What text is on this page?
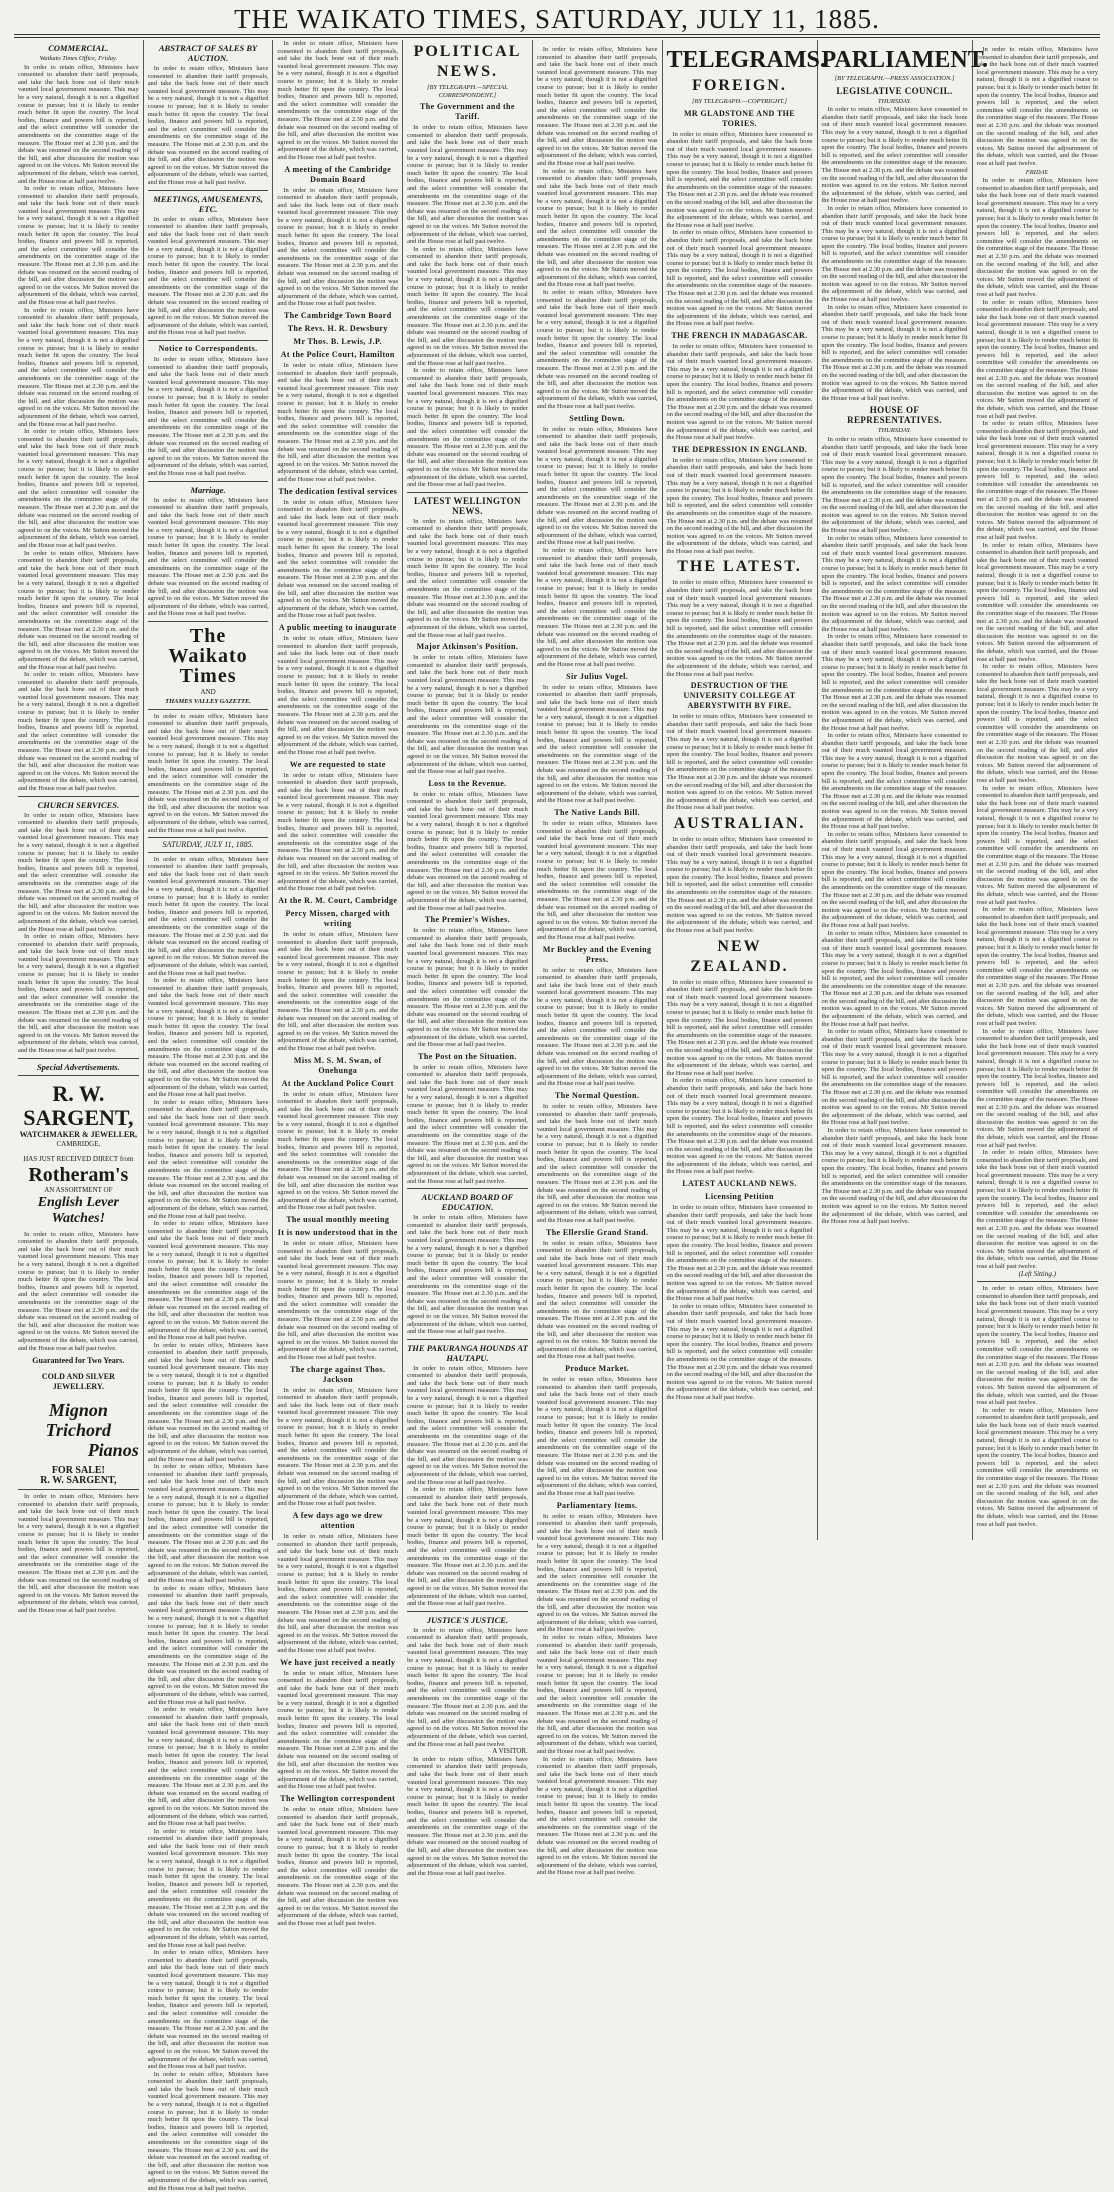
THE WAIKATO TIMES, SATURDAY, JULY 11, 1885.
COMMERCIAL.
Waikato Times Office, Friday.

In order to retain office, Ministers have consented to abandon their tariff proposals, and take the back bone out of their much vaunted local government measure. This may be a very natural, though it is not a dignified course to pursue; but it is likely to render much better fit upon the country. The local bodies, finance and powers bill is reported, and the select committee will consider the amendments on the committee stage of the measure. The House met at 2.30 p.m. and the debate was resumed on the second reading of the bill, and after discussion the motion was agreed to on the voices. Mr Sutton moved the adjournment of the debate, which was carried, and the House rose at half past twelve.

In order to retain office, Ministers have consented to abandon their tariff proposals, and take the back bone out of their much vaunted local government measure. This may be a very natural, though it is not a dignified course to pursue; but it is likely to render much better fit upon the country. The local bodies, finance and powers bill is reported, and the select committee will consider the amendments on the committee stage of the measure. The House met at 2.30 p.m. and the debate was resumed on the second reading of the bill, and after discussion the motion was agreed to on the voices. Mr Sutton moved the adjournment of the debate, which was carried, and the House rose at half past twelve.

In order to retain office, Ministers have consented to abandon their tariff proposals, and take the back bone out of their much vaunted local government measure. This may be a very natural, though it is not a dignified course to pursue; but it is likely to render much better fit upon the country. The local bodies, finance and powers bill is reported, and the select committee will consider the amendments on the committee stage of the measure. The House met at 2.30 p.m. and the debate was resumed on the second reading of the bill, and after discussion the motion was agreed to on the voices. Mr Sutton moved the adjournment of the debate, which was carried, and the House rose at half past twelve.

In order to retain office, Ministers have consented to abandon their tariff proposals, and take the back bone out of their much vaunted local government measure. This may be a very natural, though it is not a dignified course to pursue; but it is likely to render much better fit upon the country. The local bodies, finance and powers bill is reported, and the select committee will consider the amendments on the committee stage of the measure. The House met at 2.30 p.m. and the debate was resumed on the second reading of the bill, and after discussion the motion was agreed to on the voices. Mr Sutton moved the adjournment of the debate, which was carried, and the House rose at half past twelve.

In order to retain office, Ministers have consented to abandon their tariff proposals, and take the back bone out of their much vaunted local government measure. This may be a very natural, though it is not a dignified course to pursue; but it is likely to render much better fit upon the country. The local bodies, finance and powers bill is reported, and the select committee will consider the amendments on the committee stage of the measure. The House met at 2.30 p.m. and the debate was resumed on the second reading of the bill, and after discussion the motion was agreed to on the voices. Mr Sutton moved the adjournment of the debate, which was carried, and the House rose at half past twelve.

In order to retain office, Ministers have consented to abandon their tariff proposals, and take the back bone out of their much vaunted local government measure. This may be a very natural, though it is not a dignified course to pursue; but it is likely to render much better fit upon the country. The local bodies, finance and powers bill is reported, and the select committee will consider the amendments on the committee stage of the measure. The House met at 2.30 p.m. and the debate was resumed on the second reading of the bill, and after discussion the motion was agreed to on the voices. Mr Sutton moved the adjournment of the debate, which was carried, and the House rose at half past twelve.

CHURCH SERVICES.

In order to retain office, Ministers have consented to abandon their tariff proposals, and take the back bone out of their much vaunted local government measure. This may be a very natural, though it is not a dignified course to pursue; but it is likely to render much better fit upon the country. The local bodies, finance and powers bill is reported, and the select committee will consider the amendments on the committee stage of the measure. The House met at 2.30 p.m. and the debate was resumed on the second reading of the bill, and after discussion the motion was agreed to on the voices. Mr Sutton moved the adjournment of the debate, which was carried, and the House rose at half past twelve.

In order to retain office, Ministers have consented to abandon their tariff proposals, and take the back bone out of their much vaunted local government measure. This may be a very natural, though it is not a dignified course to pursue; but it is likely to render much better fit upon the country. The local bodies, finance and powers bill is reported, and the select committee will consider the amendments on the committee stage of the measure. The House met at 2.30 p.m. and the debate was resumed on the second reading of the bill, and after discussion the motion was agreed to on the voices. Mr Sutton moved the adjournment of the debate, which was carried, and the House rose at half past twelve.

Special Advertisements.
R. W. SARGENT,
WATCHMAKER & JEWELLER,
CAMBRIDGE,
HAS JUST RECEIVED DIRECT from
Rotheram's
AN ASSORTMENT OF
English Lever
Watches!

In order to retain office, Ministers have consented to abandon their tariff proposals, and take the back bone out of their much vaunted local government measure. This may be a very natural, though it is not a dignified course to pursue; but it is likely to render much better fit upon the country. The local bodies, finance and powers bill is reported, and the select committee will consider the amendments on the committee stage of the measure. The House met at 2.30 p.m. and the debate was resumed on the second reading of the bill, and after discussion the motion was agreed to on the voices. Mr Sutton moved the adjournment of the debate, which was carried, and the House rose at half past twelve.

Guaranteed for Two Years.
COLD AND SILVER JEWELLERY.
Mignon
Trichord
Pianos
FOR SALE!
R. W. SARGENT,

In order to retain office, Ministers have consented to abandon their tariff proposals, and take the back bone out of their much vaunted local government measure. This may be a very natural, though it is not a dignified course to pursue; but it is likely to render much better fit upon the country. The local bodies, finance and powers bill is reported, and the select committee will consider the amendments on the committee stage of the measure. The House met at 2.30 p.m. and the debate was resumed on the second reading of the bill, and after discussion the motion was agreed to on the voices. Mr Sutton moved the adjournment of the debate, which was carried, and the House rose at half past twelve.

ABSTRACT OF SALES BY AUCTION.

In order to retain office, Ministers have consented to abandon their tariff proposals, and take the back bone out of their much vaunted local government measure. This may be a very natural, though it is not a dignified course to pursue; but it is likely to render much better fit upon the country. The local bodies, finance and powers bill is reported, and the select committee will consider the amendments on the committee stage of the measure. The House met at 2.30 p.m. and the debate was resumed on the second reading of the bill, and after discussion the motion was agreed to on the voices. Mr Sutton moved the adjournment of the debate, which was carried, and the House rose at half past twelve.

MEETINGS, AMUSEMENTS, ETC.

In order to retain office, Ministers have consented to abandon their tariff proposals, and take the back bone out of their much vaunted local government measure. This may be a very natural, though it is not a dignified course to pursue; but it is likely to render much better fit upon the country. The local bodies, finance and powers bill is reported, and the select committee will consider the amendments on the committee stage of the measure. The House met at 2.30 p.m. and the debate was resumed on the second reading of the bill, and after discussion the motion was agreed to on the voices. Mr Sutton moved the adjournment of the debate, which was carried, and the House rose at half past twelve.

Notice to Correspondents.

In order to retain office, Ministers have consented to abandon their tariff proposals, and take the back bone out of their much vaunted local government measure. This may be a very natural, though it is not a dignified course to pursue; but it is likely to render much better fit upon the country. The local bodies, finance and powers bill is reported, and the select committee will consider the amendments on the committee stage of the measure. The House met at 2.30 p.m. and the debate was resumed on the second reading of the bill, and after discussion the motion was agreed to on the voices. Mr Sutton moved the adjournment of the debate, which was carried, and the House rose at half past twelve.

Marriage.

In order to retain office, Ministers have consented to abandon their tariff proposals, and take the back bone out of their much vaunted local government measure. This may be a very natural, though it is not a dignified course to pursue; but it is likely to render much better fit upon the country. The local bodies, finance and powers bill is reported, and the select committee will consider the amendments on the committee stage of the measure. The House met at 2.30 p.m. and the debate was resumed on the second reading of the bill, and after discussion the motion was agreed to on the voices. Mr Sutton moved the adjournment of the debate, which was carried, and the House rose at half past twelve.

The Waikato Times
AND
THAMES VALLEY GAZETTE.

In order to retain office, Ministers have consented to abandon their tariff proposals, and take the back bone out of their much vaunted local government measure. This may be a very natural, though it is not a dignified course to pursue; but it is likely to render much better fit upon the country. The local bodies, finance and powers bill is reported, and the select committee will consider the amendments on the committee stage of the measure. The House met at 2.30 p.m. and the debate was resumed on the second reading of the bill, and after discussion the motion was agreed to on the voices. Mr Sutton moved the adjournment of the debate, which was carried, and the House rose at half past twelve.

SATURDAY, JULY 11, 1885.

In order to retain office, Ministers have consented to abandon their tariff proposals, and take the back bone out of their much vaunted local government measure. This may be a very natural, though it is not a dignified course to pursue; but it is likely to render much better fit upon the country. The local bodies, finance and powers bill is reported, and the select committee will consider the amendments on the committee stage of the measure. The House met at 2.30 p.m. and the debate was resumed on the second reading of the bill, and after discussion the motion was agreed to on the voices. Mr Sutton moved the adjournment of the debate, which was carried, and the House rose at half past twelve.

In order to retain office, Ministers have consented to abandon their tariff proposals, and take the back bone out of their much vaunted local government measure. This may be a very natural, though it is not a dignified course to pursue; but it is likely to render much better fit upon the country. The local bodies, finance and powers bill is reported, and the select committee will consider the amendments on the committee stage of the measure. The House met at 2.30 p.m. and the debate was resumed on the second reading of the bill, and after discussion the motion was agreed to on the voices. Mr Sutton moved the adjournment of the debate, which was carried, and the House rose at half past twelve.

In order to retain office, Ministers have consented to abandon their tariff proposals, and take the back bone out of their much vaunted local government measure. This may be a very natural, though it is not a dignified course to pursue; but it is likely to render much better fit upon the country. The local bodies, finance and powers bill is reported, and the select committee will consider the amendments on the committee stage of the measure. The House met at 2.30 p.m. and the debate was resumed on the second reading of the bill, and after discussion the motion was agreed to on the voices. Mr Sutton moved the adjournment of the debate, which was carried, and the House rose at half past twelve.

In order to retain office, Ministers have consented to abandon their tariff proposals, and take the back bone out of their much vaunted local government measure. This may be a very natural, though it is not a dignified course to pursue; but it is likely to render much better fit upon the country. The local bodies, finance and powers bill is reported, and the select committee will consider the amendments on the committee stage of the measure. The House met at 2.30 p.m. and the debate was resumed on the second reading of the bill, and after discussion the motion was agreed to on the voices. Mr Sutton moved the adjournment of the debate, which was carried, and the House rose at half past twelve.

In order to retain office, Ministers have consented to abandon their tariff proposals, and take the back bone out of their much vaunted local government measure. This may be a very natural, though it is not a dignified course to pursue; but it is likely to render much better fit upon the country. The local bodies, finance and powers bill is reported, and the select committee will consider the amendments on the committee stage of the measure. The House met at 2.30 p.m. and the debate was resumed on the second reading of the bill, and after discussion the motion was agreed to on the voices. Mr Sutton moved the adjournment of the debate, which was carried, and the House rose at half past twelve.

In order to retain office, Ministers have consented to abandon their tariff proposals, and take the back bone out of their much vaunted local government measure. This may be a very natural, though it is not a dignified course to pursue; but it is likely to render much better fit upon the country. The local bodies, finance and powers bill is reported, and the select committee will consider the amendments on the committee stage of the measure. The House met at 2.30 p.m. and the debate was resumed on the second reading of the bill, and after discussion the motion was agreed to on the voices. Mr Sutton moved the adjournment of the debate, which was carried, and the House rose at half past twelve.

In order to retain office, Ministers have consented to abandon their tariff proposals, and take the back bone out of their much vaunted local government measure. This may be a very natural, though it is not a dignified course to pursue; but it is likely to render much better fit upon the country. The local bodies, finance and powers bill is reported, and the select committee will consider the amendments on the committee stage of the measure. The House met at 2.30 p.m. and the debate was resumed on the second reading of the bill, and after discussion the motion was agreed to on the voices. Mr Sutton moved the adjournment of the debate, which was carried, and the House rose at half past twelve.

In order to retain office, Ministers have consented to abandon their tariff proposals, and take the back bone out of their much vaunted local government measure. This may be a very natural, though it is not a dignified course to pursue; but it is likely to render much better fit upon the country. The local bodies, finance and powers bill is reported, and the select committee will consider the amendments on the committee stage of the measure. The House met at 2.30 p.m. and the debate was resumed on the second reading of the bill, and after discussion the motion was agreed to on the voices. Mr Sutton moved the adjournment of the debate, which was carried, and the House rose at half past twelve.

In order to retain office, Ministers have consented to abandon their tariff proposals, and take the back bone out of their much vaunted local government measure. This may be a very natural, though it is not a dignified course to pursue; but it is likely to render much better fit upon the country. The local bodies, finance and powers bill is reported, and the select committee will consider the amendments on the committee stage of the measure. The House met at 2.30 p.m. and the debate was resumed on the second reading of the bill, and after discussion the motion was agreed to on the voices. Mr Sutton moved the adjournment of the debate, which was carried, and the House rose at half past twelve.

In order to retain office, Ministers have consented to abandon their tariff proposals, and take the back bone out of their much vaunted local government measure. This may be a very natural, though it is not a dignified course to pursue; but it is likely to render much better fit upon the country. The local bodies, finance and powers bill is reported, and the select committee will consider the amendments on the committee stage of the measure. The House met at 2.30 p.m. and the debate was resumed on the second reading of the bill, and after discussion the motion was agreed to on the voices. Mr Sutton moved the adjournment of the debate, which was carried, and the House rose at half past twelve.

In order to retain office, Ministers have consented to abandon their tariff proposals, and take the back bone out of their much vaunted local government measure. This may be a very natural, though it is not a dignified course to pursue; but it is likely to render much better fit upon the country. The local bodies, finance and powers bill is reported, and the select committee will consider the amendments on the committee stage of the measure. The House met at 2.30 p.m. and the debate was resumed on the second reading of the bill, and after discussion the motion was agreed to on the voices. Mr Sutton moved the adjournment of the debate, which was carried, and the House rose at half past twelve.

In order to retain office, Ministers have consented to abandon their tariff proposals, and take the back bone out of their much vaunted local government measure. This may be a very natural, though it is not a dignified course to pursue; but it is likely to render much better fit upon the country. The local bodies, finance and powers bill is reported, and the select committee will consider the amendments on the committee stage of the measure. The House met at 2.30 p.m. and the debate was resumed on the second reading of the bill, and after discussion the motion was agreed to on the voices. Mr Sutton moved the adjournment of the debate, which was carried, and the House rose at half past twelve.

A meeting of the Cambridge Domain Board

In order to retain office, Ministers have consented to abandon their tariff proposals, and take the back bone out of their much vaunted local government measure. This may be a very natural, though it is not a dignified course to pursue; but it is likely to render much better fit upon the country. The local bodies, finance and powers bill is reported, and the select committee will consider the amendments on the committee stage of the measure. The House met at 2.30 p.m. and the debate was resumed on the second reading of the bill, and after discussion the motion was agreed to on the voices. Mr Sutton moved the adjournment of the debate, which was carried, and the House rose at half past twelve.

The Cambridge Town Board
The Revs. H. R. Dewsbury
Mr Thos. B. Lewis, J.P.
At the Police Court, Hamilton

In order to retain office, Ministers have consented to abandon their tariff proposals, and take the back bone out of their much vaunted local government measure. This may be a very natural, though it is not a dignified course to pursue; but it is likely to render much better fit upon the country. The local bodies, finance and powers bill is reported, and the select committee will consider the amendments on the committee stage of the measure. The House met at 2.30 p.m. and the debate was resumed on the second reading of the bill, and after discussion the motion was agreed to on the voices. Mr Sutton moved the adjournment of the debate, which was carried, and the House rose at half past twelve.

The dedication festival services

In order to retain office, Ministers have consented to abandon their tariff proposals, and take the back bone out of their much vaunted local government measure. This may be a very natural, though it is not a dignified course to pursue; but it is likely to render much better fit upon the country. The local bodies, finance and powers bill is reported, and the select committee will consider the amendments on the committee stage of the measure. The House met at 2.30 p.m. and the debate was resumed on the second reading of the bill, and after discussion the motion was agreed to on the voices. Mr Sutton moved the adjournment of the debate, which was carried, and the House rose at half past twelve.

A public meeting to inaugurate

In order to retain office, Ministers have consented to abandon their tariff proposals, and take the back bone out of their much vaunted local government measure. This may be a very natural, though it is not a dignified course to pursue; but it is likely to render much better fit upon the country. The local bodies, finance and powers bill is reported, and the select committee will consider the amendments on the committee stage of the measure. The House met at 2.30 p.m. and the debate was resumed on the second reading of the bill, and after discussion the motion was agreed to on the voices. Mr Sutton moved the adjournment of the debate, which was carried, and the House rose at half past twelve.

We are requested to state

In order to retain office, Ministers have consented to abandon their tariff proposals, and take the back bone out of their much vaunted local government measure. This may be a very natural, though it is not a dignified course to pursue; but it is likely to render much better fit upon the country. The local bodies, finance and powers bill is reported, and the select committee will consider the amendments on the committee stage of the measure. The House met at 2.30 p.m. and the debate was resumed on the second reading of the bill, and after discussion the motion was agreed to on the voices. Mr Sutton moved the adjournment of the debate, which was carried, and the House rose at half past twelve.

At the R. M. Court, Cambridge
Percy Missen, charged with writing

In order to retain office, Ministers have consented to abandon their tariff proposals, and take the back bone out of their much vaunted local government measure. This may be a very natural, though it is not a dignified course to pursue; but it is likely to render much better fit upon the country. The local bodies, finance and powers bill is reported, and the select committee will consider the amendments on the committee stage of the measure. The House met at 2.30 p.m. and the debate was resumed on the second reading of the bill, and after discussion the motion was agreed to on the voices. Mr Sutton moved the adjournment of the debate, which was carried, and the House rose at half past twelve.

Miss M. S. M. Swan, of Onehunga
At the Auckland Police Court

In order to retain office, Ministers have consented to abandon their tariff proposals, and take the back bone out of their much vaunted local government measure. This may be a very natural, though it is not a dignified course to pursue; but it is likely to render much better fit upon the country. The local bodies, finance and powers bill is reported, and the select committee will consider the amendments on the committee stage of the measure. The House met at 2.30 p.m. and the debate was resumed on the second reading of the bill, and after discussion the motion was agreed to on the voices. Mr Sutton moved the adjournment of the debate, which was carried, and the House rose at half past twelve.

The usual monthly meeting
It is now understood that in the

In order to retain office, Ministers have consented to abandon their tariff proposals, and take the back bone out of their much vaunted local government measure. This may be a very natural, though it is not a dignified course to pursue; but it is likely to render much better fit upon the country. The local bodies, finance and powers bill is reported, and the select committee will consider the amendments on the committee stage of the measure. The House met at 2.30 p.m. and the debate was resumed on the second reading of the bill, and after discussion the motion was agreed to on the voices. Mr Sutton moved the adjournment of the debate, which was carried, and the House rose at half past twelve.

The charge against Thos. Jackson

In order to retain office, Ministers have consented to abandon their tariff proposals, and take the back bone out of their much vaunted local government measure. This may be a very natural, though it is not a dignified course to pursue; but it is likely to render much better fit upon the country. The local bodies, finance and powers bill is reported, and the select committee will consider the amendments on the committee stage of the measure. The House met at 2.30 p.m. and the debate was resumed on the second reading of the bill, and after discussion the motion was agreed to on the voices. Mr Sutton moved the adjournment of the debate, which was carried, and the House rose at half past twelve.

A few days ago we drew attention

In order to retain office, Ministers have consented to abandon their tariff proposals, and take the back bone out of their much vaunted local government measure. This may be a very natural, though it is not a dignified course to pursue; but it is likely to render much better fit upon the country. The local bodies, finance and powers bill is reported, and the select committee will consider the amendments on the committee stage of the measure. The House met at 2.30 p.m. and the debate was resumed on the second reading of the bill, and after discussion the motion was agreed to on the voices. Mr Sutton moved the adjournment of the debate, which was carried, and the House rose at half past twelve.

We have just received a neatly

In order to retain office, Ministers have consented to abandon their tariff proposals, and take the back bone out of their much vaunted local government measure. This may be a very natural, though it is not a dignified course to pursue; but it is likely to render much better fit upon the country. The local bodies, finance and powers bill is reported, and the select committee will consider the amendments on the committee stage of the measure. The House met at 2.30 p.m. and the debate was resumed on the second reading of the bill, and after discussion the motion was agreed to on the voices. Mr Sutton moved the adjournment of the debate, which was carried, and the House rose at half past twelve.

The Wellington correspondent

In order to retain office, Ministers have consented to abandon their tariff proposals, and take the back bone out of their much vaunted local government measure. This may be a very natural, though it is not a dignified course to pursue; but it is likely to render much better fit upon the country. The local bodies, finance and powers bill is reported, and the select committee will consider the amendments on the committee stage of the measure. The House met at 2.30 p.m. and the debate was resumed on the second reading of the bill, and after discussion the motion was agreed to on the voices. Mr Sutton moved the adjournment of the debate, which was carried, and the House rose at half past twelve.

POLITICAL NEWS.
[BY TELEGRAPH.—SPECIAL CORRESPONDENT.]
The Government and the Tariff.

In order to retain office, Ministers have consented to abandon their tariff proposals, and take the back bone out of their much vaunted local government measure. This may be a very natural, though it is not a dignified course to pursue; but it is likely to render much better fit upon the country. The local bodies, finance and powers bill is reported, and the select committee will consider the amendments on the committee stage of the measure. The House met at 2.30 p.m. and the debate was resumed on the second reading of the bill, and after discussion the motion was agreed to on the voices. Mr Sutton moved the adjournment of the debate, which was carried, and the House rose at half past twelve.

In order to retain office, Ministers have consented to abandon their tariff proposals, and take the back bone out of their much vaunted local government measure. This may be a very natural, though it is not a dignified course to pursue; but it is likely to render much better fit upon the country. The local bodies, finance and powers bill is reported, and the select committee will consider the amendments on the committee stage of the measure. The House met at 2.30 p.m. and the debate was resumed on the second reading of the bill, and after discussion the motion was agreed to on the voices. Mr Sutton moved the adjournment of the debate, which was carried, and the House rose at half past twelve.

In order to retain office, Ministers have consented to abandon their tariff proposals, and take the back bone out of their much vaunted local government measure. This may be a very natural, though it is not a dignified course to pursue; but it is likely to render much better fit upon the country. The local bodies, finance and powers bill is reported, and the select committee will consider the amendments on the committee stage of the measure. The House met at 2.30 p.m. and the debate was resumed on the second reading of the bill, and after discussion the motion was agreed to on the voices. Mr Sutton moved the adjournment of the debate, which was carried, and the House rose at half past twelve.

LATEST WELLINGTON NEWS.

In order to retain office, Ministers have consented to abandon their tariff proposals, and take the back bone out of their much vaunted local government measure. This may be a very natural, though it is not a dignified course to pursue; but it is likely to render much better fit upon the country. The local bodies, finance and powers bill is reported, and the select committee will consider the amendments on the committee stage of the measure. The House met at 2.30 p.m. and the debate was resumed on the second reading of the bill, and after discussion the motion was agreed to on the voices. Mr Sutton moved the adjournment of the debate, which was carried, and the House rose at half past twelve.

Major Atkinson's Position.

In order to retain office, Ministers have consented to abandon their tariff proposals, and take the back bone out of their much vaunted local government measure. This may be a very natural, though it is not a dignified course to pursue; but it is likely to render much better fit upon the country. The local bodies, finance and powers bill is reported, and the select committee will consider the amendments on the committee stage of the measure. The House met at 2.30 p.m. and the debate was resumed on the second reading of the bill, and after discussion the motion was agreed to on the voices. Mr Sutton moved the adjournment of the debate, which was carried, and the House rose at half past twelve.

Loss to the Revenue.

In order to retain office, Ministers have consented to abandon their tariff proposals, and take the back bone out of their much vaunted local government measure. This may be a very natural, though it is not a dignified course to pursue; but it is likely to render much better fit upon the country. The local bodies, finance and powers bill is reported, and the select committee will consider the amendments on the committee stage of the measure. The House met at 2.30 p.m. and the debate was resumed on the second reading of the bill, and after discussion the motion was agreed to on the voices. Mr Sutton moved the adjournment of the debate, which was carried, and the House rose at half past twelve.

The Premier's Wishes.

In order to retain office, Ministers have consented to abandon their tariff proposals, and take the back bone out of their much vaunted local government measure. This may be a very natural, though it is not a dignified course to pursue; but it is likely to render much better fit upon the country. The local bodies, finance and powers bill is reported, and the select committee will consider the amendments on the committee stage of the measure. The House met at 2.30 p.m. and the debate was resumed on the second reading of the bill, and after discussion the motion was agreed to on the voices. Mr Sutton moved the adjournment of the debate, which was carried, and the House rose at half past twelve.

The Post on the Situation.

In order to retain office, Ministers have consented to abandon their tariff proposals, and take the back bone out of their much vaunted local government measure. This may be a very natural, though it is not a dignified course to pursue; but it is likely to render much better fit upon the country. The local bodies, finance and powers bill is reported, and the select committee will consider the amendments on the committee stage of the measure. The House met at 2.30 p.m. and the debate was resumed on the second reading of the bill, and after discussion the motion was agreed to on the voices. Mr Sutton moved the adjournment of the debate, which was carried, and the House rose at half past twelve.

AUCKLAND BOARD OF EDUCATION.

In order to retain office, Ministers have consented to abandon their tariff proposals, and take the back bone out of their much vaunted local government measure. This may be a very natural, though it is not a dignified course to pursue; but it is likely to render much better fit upon the country. The local bodies, finance and powers bill is reported, and the select committee will consider the amendments on the committee stage of the measure. The House met at 2.30 p.m. and the debate was resumed on the second reading of the bill, and after discussion the motion was agreed to on the voices. Mr Sutton moved the adjournment of the debate, which was carried, and the House rose at half past twelve.

THE PAKURANGA HOUNDS AT HAUTAPU.

In order to retain office, Ministers have consented to abandon their tariff proposals, and take the back bone out of their much vaunted local government measure. This may be a very natural, though it is not a dignified course to pursue; but it is likely to render much better fit upon the country. The local bodies, finance and powers bill is reported, and the select committee will consider the amendments on the committee stage of the measure. The House met at 2.30 p.m. and the debate was resumed on the second reading of the bill, and after discussion the motion was agreed to on the voices. Mr Sutton moved the adjournment of the debate, which was carried, and the House rose at half past twelve.

In order to retain office, Ministers have consented to abandon their tariff proposals, and take the back bone out of their much vaunted local government measure. This may be a very natural, though it is not a dignified course to pursue; but it is likely to render much better fit upon the country. The local bodies, finance and powers bill is reported, and the select committee will consider the amendments on the committee stage of the measure. The House met at 2.30 p.m. and the debate was resumed on the second reading of the bill, and after discussion the motion was agreed to on the voices. Mr Sutton moved the adjournment of the debate, which was carried, and the House rose at half past twelve.

JUSTICE'S JUSTICE.

In order to retain office, Ministers have consented to abandon their tariff proposals, and take the back bone out of their much vaunted local government measure. This may be a very natural, though it is not a dignified course to pursue; but it is likely to render much better fit upon the country. The local bodies, finance and powers bill is reported, and the select committee will consider the amendments on the committee stage of the measure. The House met at 2.30 p.m. and the debate was resumed on the second reading of the bill, and after discussion the motion was agreed to on the voices. Mr Sutton moved the adjournment of the debate, which was carried, and the House rose at half past twelve.

A VISITOR.

In order to retain office, Ministers have consented to abandon their tariff proposals, and take the back bone out of their much vaunted local government measure. This may be a very natural, though it is not a dignified course to pursue; but it is likely to render much better fit upon the country. The local bodies, finance and powers bill is reported, and the select committee will consider the amendments on the committee stage of the measure. The House met at 2.30 p.m. and the debate was resumed on the second reading of the bill, and after discussion the motion was agreed to on the voices. Mr Sutton moved the adjournment of the debate, which was carried, and the House rose at half past twelve.

In order to retain office, Ministers have consented to abandon their tariff proposals, and take the back bone out of their much vaunted local government measure. This may be a very natural, though it is not a dignified course to pursue; but it is likely to render much better fit upon the country. The local bodies, finance and powers bill is reported, and the select committee will consider the amendments on the committee stage of the measure. The House met at 2.30 p.m. and the debate was resumed on the second reading of the bill, and after discussion the motion was agreed to on the voices. Mr Sutton moved the adjournment of the debate, which was carried, and the House rose at half past twelve.

In order to retain office, Ministers have consented to abandon their tariff proposals, and take the back bone out of their much vaunted local government measure. This may be a very natural, though it is not a dignified course to pursue; but it is likely to render much better fit upon the country. The local bodies, finance and powers bill is reported, and the select committee will consider the amendments on the committee stage of the measure. The House met at 2.30 p.m. and the debate was resumed on the second reading of the bill, and after discussion the motion was agreed to on the voices. Mr Sutton moved the adjournment of the debate, which was carried, and the House rose at half past twelve.

In order to retain office, Ministers have consented to abandon their tariff proposals, and take the back bone out of their much vaunted local government measure. This may be a very natural, though it is not a dignified course to pursue; but it is likely to render much better fit upon the country. The local bodies, finance and powers bill is reported, and the select committee will consider the amendments on the committee stage of the measure. The House met at 2.30 p.m. and the debate was resumed on the second reading of the bill, and after discussion the motion was agreed to on the voices. Mr Sutton moved the adjournment of the debate, which was carried, and the House rose at half past twelve.

Settling Down.

In order to retain office, Ministers have consented to abandon their tariff proposals, and take the back bone out of their much vaunted local government measure. This may be a very natural, though it is not a dignified course to pursue; but it is likely to render much better fit upon the country. The local bodies, finance and powers bill is reported, and the select committee will consider the amendments on the committee stage of the measure. The House met at 2.30 p.m. and the debate was resumed on the second reading of the bill, and after discussion the motion was agreed to on the voices. Mr Sutton moved the adjournment of the debate, which was carried, and the House rose at half past twelve.

In order to retain office, Ministers have consented to abandon their tariff proposals, and take the back bone out of their much vaunted local government measure. This may be a very natural, though it is not a dignified course to pursue; but it is likely to render much better fit upon the country. The local bodies, finance and powers bill is reported, and the select committee will consider the amendments on the committee stage of the measure. The House met at 2.30 p.m. and the debate was resumed on the second reading of the bill, and after discussion the motion was agreed to on the voices. Mr Sutton moved the adjournment of the debate, which was carried, and the House rose at half past twelve.

Sir Julius Vogel.

In order to retain office, Ministers have consented to abandon their tariff proposals, and take the back bone out of their much vaunted local government measure. This may be a very natural, though it is not a dignified course to pursue; but it is likely to render much better fit upon the country. The local bodies, finance and powers bill is reported, and the select committee will consider the amendments on the committee stage of the measure. The House met at 2.30 p.m. and the debate was resumed on the second reading of the bill, and after discussion the motion was agreed to on the voices. Mr Sutton moved the adjournment of the debate, which was carried, and the House rose at half past twelve.

The Native Lands Bill.

In order to retain office, Ministers have consented to abandon their tariff proposals, and take the back bone out of their much vaunted local government measure. This may be a very natural, though it is not a dignified course to pursue; but it is likely to render much better fit upon the country. The local bodies, finance and powers bill is reported, and the select committee will consider the amendments on the committee stage of the measure. The House met at 2.30 p.m. and the debate was resumed on the second reading of the bill, and after discussion the motion was agreed to on the voices. Mr Sutton moved the adjournment of the debate, which was carried, and the House rose at half past twelve.

Mr Buckley and the Evening Press.

In order to retain office, Ministers have consented to abandon their tariff proposals, and take the back bone out of their much vaunted local government measure. This may be a very natural, though it is not a dignified course to pursue; but it is likely to render much better fit upon the country. The local bodies, finance and powers bill is reported, and the select committee will consider the amendments on the committee stage of the measure. The House met at 2.30 p.m. and the debate was resumed on the second reading of the bill, and after discussion the motion was agreed to on the voices. Mr Sutton moved the adjournment of the debate, which was carried, and the House rose at half past twelve.

The Normal Question.

In order to retain office, Ministers have consented to abandon their tariff proposals, and take the back bone out of their much vaunted local government measure. This may be a very natural, though it is not a dignified course to pursue; but it is likely to render much better fit upon the country. The local bodies, finance and powers bill is reported, and the select committee will consider the amendments on the committee stage of the measure. The House met at 2.30 p.m. and the debate was resumed on the second reading of the bill, and after discussion the motion was agreed to on the voices. Mr Sutton moved the adjournment of the debate, which was carried, and the House rose at half past twelve.

The Ellerslie Grand Stand.

In order to retain office, Ministers have consented to abandon their tariff proposals, and take the back bone out of their much vaunted local government measure. This may be a very natural, though it is not a dignified course to pursue; but it is likely to render much better fit upon the country. The local bodies, finance and powers bill is reported, and the select committee will consider the amendments on the committee stage of the measure. The House met at 2.30 p.m. and the debate was resumed on the second reading of the bill, and after discussion the motion was agreed to on the voices. Mr Sutton moved the adjournment of the debate, which was carried, and the House rose at half past twelve.

Produce Market.

In order to retain office, Ministers have consented to abandon their tariff proposals, and take the back bone out of their much vaunted local government measure. This may be a very natural, though it is not a dignified course to pursue; but it is likely to render much better fit upon the country. The local bodies, finance and powers bill is reported, and the select committee will consider the amendments on the committee stage of the measure. The House met at 2.30 p.m. and the debate was resumed on the second reading of the bill, and after discussion the motion was agreed to on the voices. Mr Sutton moved the adjournment of the debate, which was carried, and the House rose at half past twelve.

Parliamentary Items.

In order to retain office, Ministers have consented to abandon their tariff proposals, and take the back bone out of their much vaunted local government measure. This may be a very natural, though it is not a dignified course to pursue; but it is likely to render much better fit upon the country. The local bodies, finance and powers bill is reported, and the select committee will consider the amendments on the committee stage of the measure. The House met at 2.30 p.m. and the debate was resumed on the second reading of the bill, and after discussion the motion was agreed to on the voices. Mr Sutton moved the adjournment of the debate, which was carried, and the House rose at half past twelve.

In order to retain office, Ministers have consented to abandon their tariff proposals, and take the back bone out of their much vaunted local government measure. This may be a very natural, though it is not a dignified course to pursue; but it is likely to render much better fit upon the country. The local bodies, finance and powers bill is reported, and the select committee will consider the amendments on the committee stage of the measure. The House met at 2.30 p.m. and the debate was resumed on the second reading of the bill, and after discussion the motion was agreed to on the voices. Mr Sutton moved the adjournment of the debate, which was carried, and the House rose at half past twelve.

In order to retain office, Ministers have consented to abandon their tariff proposals, and take the back bone out of their much vaunted local government measure. This may be a very natural, though it is not a dignified course to pursue; but it is likely to render much better fit upon the country. The local bodies, finance and powers bill is reported, and the select committee will consider the amendments on the committee stage of the measure. The House met at 2.30 p.m. and the debate was resumed on the second reading of the bill, and after discussion the motion was agreed to on the voices. Mr Sutton moved the adjournment of the debate, which was carried, and the House rose at half past twelve.

TELEGRAMS.
FOREIGN.
[BY TELEGRAPH.—COPYRIGHT.]
MR GLADSTONE AND THE TORIES.

In order to retain office, Ministers have consented to abandon their tariff proposals, and take the back bone out of their much vaunted local government measure. This may be a very natural, though it is not a dignified course to pursue; but it is likely to render much better fit upon the country. The local bodies, finance and powers bill is reported, and the select committee will consider the amendments on the committee stage of the measure. The House met at 2.30 p.m. and the debate was resumed on the second reading of the bill, and after discussion the motion was agreed to on the voices. Mr Sutton moved the adjournment of the debate, which was carried, and the House rose at half past twelve.

In order to retain office, Ministers have consented to abandon their tariff proposals, and take the back bone out of their much vaunted local government measure. This may be a very natural, though it is not a dignified course to pursue; but it is likely to render much better fit upon the country. The local bodies, finance and powers bill is reported, and the select committee will consider the amendments on the committee stage of the measure. The House met at 2.30 p.m. and the debate was resumed on the second reading of the bill, and after discussion the motion was agreed to on the voices. Mr Sutton moved the adjournment of the debate, which was carried, and the House rose at half past twelve.

THE FRENCH IN MADAGASCAR.

In order to retain office, Ministers have consented to abandon their tariff proposals, and take the back bone out of their much vaunted local government measure. This may be a very natural, though it is not a dignified course to pursue; but it is likely to render much better fit upon the country. The local bodies, finance and powers bill is reported, and the select committee will consider the amendments on the committee stage of the measure. The House met at 2.30 p.m. and the debate was resumed on the second reading of the bill, and after discussion the motion was agreed to on the voices. Mr Sutton moved the adjournment of the debate, which was carried, and the House rose at half past twelve.

THE DEPRESSION IN ENGLAND.

In order to retain office, Ministers have consented to abandon their tariff proposals, and take the back bone out of their much vaunted local government measure. This may be a very natural, though it is not a dignified course to pursue; but it is likely to render much better fit upon the country. The local bodies, finance and powers bill is reported, and the select committee will consider the amendments on the committee stage of the measure. The House met at 2.30 p.m. and the debate was resumed on the second reading of the bill, and after discussion the motion was agreed to on the voices. Mr Sutton moved the adjournment of the debate, which was carried, and the House rose at half past twelve.

THE LATEST.

In order to retain office, Ministers have consented to abandon their tariff proposals, and take the back bone out of their much vaunted local government measure. This may be a very natural, though it is not a dignified course to pursue; but it is likely to render much better fit upon the country. The local bodies, finance and powers bill is reported, and the select committee will consider the amendments on the committee stage of the measure. The House met at 2.30 p.m. and the debate was resumed on the second reading of the bill, and after discussion the motion was agreed to on the voices. Mr Sutton moved the adjournment of the debate, which was carried, and the House rose at half past twelve.

DESTRUCTION OF THE UNIVERSITY COLLEGE AT ABERYSTWITH BY FIRE.

In order to retain office, Ministers have consented to abandon their tariff proposals, and take the back bone out of their much vaunted local government measure. This may be a very natural, though it is not a dignified course to pursue; but it is likely to render much better fit upon the country. The local bodies, finance and powers bill is reported, and the select committee will consider the amendments on the committee stage of the measure. The House met at 2.30 p.m. and the debate was resumed on the second reading of the bill, and after discussion the motion was agreed to on the voices. Mr Sutton moved the adjournment of the debate, which was carried, and the House rose at half past twelve.

AUSTRALIAN.

In order to retain office, Ministers have consented to abandon their tariff proposals, and take the back bone out of their much vaunted local government measure. This may be a very natural, though it is not a dignified course to pursue; but it is likely to render much better fit upon the country. The local bodies, finance and powers bill is reported, and the select committee will consider the amendments on the committee stage of the measure. The House met at 2.30 p.m. and the debate was resumed on the second reading of the bill, and after discussion the motion was agreed to on the voices. Mr Sutton moved the adjournment of the debate, which was carried, and the House rose at half past twelve.

NEW ZEALAND.

In order to retain office, Ministers have consented to abandon their tariff proposals, and take the back bone out of their much vaunted local government measure. This may be a very natural, though it is not a dignified course to pursue; but it is likely to render much better fit upon the country. The local bodies, finance and powers bill is reported, and the select committee will consider the amendments on the committee stage of the measure. The House met at 2.30 p.m. and the debate was resumed on the second reading of the bill, and after discussion the motion was agreed to on the voices. Mr Sutton moved the adjournment of the debate, which was carried, and the House rose at half past twelve.

In order to retain office, Ministers have consented to abandon their tariff proposals, and take the back bone out of their much vaunted local government measure. This may be a very natural, though it is not a dignified course to pursue; but it is likely to render much better fit upon the country. The local bodies, finance and powers bill is reported, and the select committee will consider the amendments on the committee stage of the measure. The House met at 2.30 p.m. and the debate was resumed on the second reading of the bill, and after discussion the motion was agreed to on the voices. Mr Sutton moved the adjournment of the debate, which was carried, and the House rose at half past twelve.

LATEST AUCKLAND NEWS.
Licensing Petition

In order to retain office, Ministers have consented to abandon their tariff proposals, and take the back bone out of their much vaunted local government measure. This may be a very natural, though it is not a dignified course to pursue; but it is likely to render much better fit upon the country. The local bodies, finance and powers bill is reported, and the select committee will consider the amendments on the committee stage of the measure. The House met at 2.30 p.m. and the debate was resumed on the second reading of the bill, and after discussion the motion was agreed to on the voices. Mr Sutton moved the adjournment of the debate, which was carried, and the House rose at half past twelve.

In order to retain office, Ministers have consented to abandon their tariff proposals, and take the back bone out of their much vaunted local government measure. This may be a very natural, though it is not a dignified course to pursue; but it is likely to render much better fit upon the country. The local bodies, finance and powers bill is reported, and the select committee will consider the amendments on the committee stage of the measure. The House met at 2.30 p.m. and the debate was resumed on the second reading of the bill, and after discussion the motion was agreed to on the voices. Mr Sutton moved the adjournment of the debate, which was carried, and the House rose at half past twelve.

PARLIAMENT.
[BY TELEGRAPH.—PRESS ASSOCIATION.]
LEGISLATIVE COUNCIL.
THURSDAY.

In order to retain office, Ministers have consented to abandon their tariff proposals, and take the back bone out of their much vaunted local government measure. This may be a very natural, though it is not a dignified course to pursue; but it is likely to render much better fit upon the country. The local bodies, finance and powers bill is reported, and the select committee will consider the amendments on the committee stage of the measure. The House met at 2.30 p.m. and the debate was resumed on the second reading of the bill, and after discussion the motion was agreed to on the voices. Mr Sutton moved the adjournment of the debate, which was carried, and the House rose at half past twelve.

In order to retain office, Ministers have consented to abandon their tariff proposals, and take the back bone out of their much vaunted local government measure. This may be a very natural, though it is not a dignified course to pursue; but it is likely to render much better fit upon the country. The local bodies, finance and powers bill is reported, and the select committee will consider the amendments on the committee stage of the measure. The House met at 2.30 p.m. and the debate was resumed on the second reading of the bill, and after discussion the motion was agreed to on the voices. Mr Sutton moved the adjournment of the debate, which was carried, and the House rose at half past twelve.

In order to retain office, Ministers have consented to abandon their tariff proposals, and take the back bone out of their much vaunted local government measure. This may be a very natural, though it is not a dignified course to pursue; but it is likely to render much better fit upon the country. The local bodies, finance and powers bill is reported, and the select committee will consider the amendments on the committee stage of the measure. The House met at 2.30 p.m. and the debate was resumed on the second reading of the bill, and after discussion the motion was agreed to on the voices. Mr Sutton moved the adjournment of the debate, which was carried, and the House rose at half past twelve.

HOUSE OF REPRESENTATIVES.
THURSDAY.

In order to retain office, Ministers have consented to abandon their tariff proposals, and take the back bone out of their much vaunted local government measure. This may be a very natural, though it is not a dignified course to pursue; but it is likely to render much better fit upon the country. The local bodies, finance and powers bill is reported, and the select committee will consider the amendments on the committee stage of the measure. The House met at 2.30 p.m. and the debate was resumed on the second reading of the bill, and after discussion the motion was agreed to on the voices. Mr Sutton moved the adjournment of the debate, which was carried, and the House rose at half past twelve.

In order to retain office, Ministers have consented to abandon their tariff proposals, and take the back bone out of their much vaunted local government measure. This may be a very natural, though it is not a dignified course to pursue; but it is likely to render much better fit upon the country. The local bodies, finance and powers bill is reported, and the select committee will consider the amendments on the committee stage of the measure. The House met at 2.30 p.m. and the debate was resumed on the second reading of the bill, and after discussion the motion was agreed to on the voices. Mr Sutton moved the adjournment of the debate, which was carried, and the House rose at half past twelve.

In order to retain office, Ministers have consented to abandon their tariff proposals, and take the back bone out of their much vaunted local government measure. This may be a very natural, though it is not a dignified course to pursue; but it is likely to render much better fit upon the country. The local bodies, finance and powers bill is reported, and the select committee will consider the amendments on the committee stage of the measure. The House met at 2.30 p.m. and the debate was resumed on the second reading of the bill, and after discussion the motion was agreed to on the voices. Mr Sutton moved the adjournment of the debate, which was carried, and the House rose at half past twelve.

In order to retain office, Ministers have consented to abandon their tariff proposals, and take the back bone out of their much vaunted local government measure. This may be a very natural, though it is not a dignified course to pursue; but it is likely to render much better fit upon the country. The local bodies, finance and powers bill is reported, and the select committee will consider the amendments on the committee stage of the measure. The House met at 2.30 p.m. and the debate was resumed on the second reading of the bill, and after discussion the motion was agreed to on the voices. Mr Sutton moved the adjournment of the debate, which was carried, and the House rose at half past twelve.

In order to retain office, Ministers have consented to abandon their tariff proposals, and take the back bone out of their much vaunted local government measure. This may be a very natural, though it is not a dignified course to pursue; but it is likely to render much better fit upon the country. The local bodies, finance and powers bill is reported, and the select committee will consider the amendments on the committee stage of the measure. The House met at 2.30 p.m. and the debate was resumed on the second reading of the bill, and after discussion the motion was agreed to on the voices. Mr Sutton moved the adjournment of the debate, which was carried, and the House rose at half past twelve.

In order to retain office, Ministers have consented to abandon their tariff proposals, and take the back bone out of their much vaunted local government measure. This may be a very natural, though it is not a dignified course to pursue; but it is likely to render much better fit upon the country. The local bodies, finance and powers bill is reported, and the select committee will consider the amendments on the committee stage of the measure. The House met at 2.30 p.m. and the debate was resumed on the second reading of the bill, and after discussion the motion was agreed to on the voices. Mr Sutton moved the adjournment of the debate, which was carried, and the House rose at half past twelve.

In order to retain office, Ministers have consented to abandon their tariff proposals, and take the back bone out of their much vaunted local government measure. This may be a very natural, though it is not a dignified course to pursue; but it is likely to render much better fit upon the country. The local bodies, finance and powers bill is reported, and the select committee will consider the amendments on the committee stage of the measure. The House met at 2.30 p.m. and the debate was resumed on the second reading of the bill, and after discussion the motion was agreed to on the voices. Mr Sutton moved the adjournment of the debate, which was carried, and the House rose at half past twelve.

In order to retain office, Ministers have consented to abandon their tariff proposals, and take the back bone out of their much vaunted local government measure. This may be a very natural, though it is not a dignified course to pursue; but it is likely to render much better fit upon the country. The local bodies, finance and powers bill is reported, and the select committee will consider the amendments on the committee stage of the measure. The House met at 2.30 p.m. and the debate was resumed on the second reading of the bill, and after discussion the motion was agreed to on the voices. Mr Sutton moved the adjournment of the debate, which was carried, and the House rose at half past twelve.

In order to retain office, Ministers have consented to abandon their tariff proposals, and take the back bone out of their much vaunted local government measure. This may be a very natural, though it is not a dignified course to pursue; but it is likely to render much better fit upon the country. The local bodies, finance and powers bill is reported, and the select committee will consider the amendments on the committee stage of the measure. The House met at 2.30 p.m. and the debate was resumed on the second reading of the bill, and after discussion the motion was agreed to on the voices. Mr Sutton moved the adjournment of the debate, which was carried, and the House rose at half past twelve.

FRIDAY.

In order to retain office, Ministers have consented to abandon their tariff proposals, and take the back bone out of their much vaunted local government measure. This may be a very natural, though it is not a dignified course to pursue; but it is likely to render much better fit upon the country. The local bodies, finance and powers bill is reported, and the select committee will consider the amendments on the committee stage of the measure. The House met at 2.30 p.m. and the debate was resumed on the second reading of the bill, and after discussion the motion was agreed to on the voices. Mr Sutton moved the adjournment of the debate, which was carried, and the House rose at half past twelve.

In order to retain office, Ministers have consented to abandon their tariff proposals, and take the back bone out of their much vaunted local government measure. This may be a very natural, though it is not a dignified course to pursue; but it is likely to render much better fit upon the country. The local bodies, finance and powers bill is reported, and the select committee will consider the amendments on the committee stage of the measure. The House met at 2.30 p.m. and the debate was resumed on the second reading of the bill, and after discussion the motion was agreed to on the voices. Mr Sutton moved the adjournment of the debate, which was carried, and the House rose at half past twelve.

In order to retain office, Ministers have consented to abandon their tariff proposals, and take the back bone out of their much vaunted local government measure. This may be a very natural, though it is not a dignified course to pursue; but it is likely to render much better fit upon the country. The local bodies, finance and powers bill is reported, and the select committee will consider the amendments on the committee stage of the measure. The House met at 2.30 p.m. and the debate was resumed on the second reading of the bill, and after discussion the motion was agreed to on the voices. Mr Sutton moved the adjournment of the debate, which was carried, and the House rose at half past twelve.

In order to retain office, Ministers have consented to abandon their tariff proposals, and take the back bone out of their much vaunted local government measure. This may be a very natural, though it is not a dignified course to pursue; but it is likely to render much better fit upon the country. The local bodies, finance and powers bill is reported, and the select committee will consider the amendments on the committee stage of the measure. The House met at 2.30 p.m. and the debate was resumed on the second reading of the bill, and after discussion the motion was agreed to on the voices. Mr Sutton moved the adjournment of the debate, which was carried, and the House rose at half past twelve.

In order to retain office, Ministers have consented to abandon their tariff proposals, and take the back bone out of their much vaunted local government measure. This may be a very natural, though it is not a dignified course to pursue; but it is likely to render much better fit upon the country. The local bodies, finance and powers bill is reported, and the select committee will consider the amendments on the committee stage of the measure. The House met at 2.30 p.m. and the debate was resumed on the second reading of the bill, and after discussion the motion was agreed to on the voices. Mr Sutton moved the adjournment of the debate, which was carried, and the House rose at half past twelve.

In order to retain office, Ministers have consented to abandon their tariff proposals, and take the back bone out of their much vaunted local government measure. This may be a very natural, though it is not a dignified course to pursue; but it is likely to render much better fit upon the country. The local bodies, finance and powers bill is reported, and the select committee will consider the amendments on the committee stage of the measure. The House met at 2.30 p.m. and the debate was resumed on the second reading of the bill, and after discussion the motion was agreed to on the voices. Mr Sutton moved the adjournment of the debate, which was carried, and the House rose at half past twelve.

In order to retain office, Ministers have consented to abandon their tariff proposals, and take the back bone out of their much vaunted local government measure. This may be a very natural, though it is not a dignified course to pursue; but it is likely to render much better fit upon the country. The local bodies, finance and powers bill is reported, and the select committee will consider the amendments on the committee stage of the measure. The House met at 2.30 p.m. and the debate was resumed on the second reading of the bill, and after discussion the motion was agreed to on the voices. Mr Sutton moved the adjournment of the debate, which was carried, and the House rose at half past twelve.

In order to retain office, Ministers have consented to abandon their tariff proposals, and take the back bone out of their much vaunted local government measure. This may be a very natural, though it is not a dignified course to pursue; but it is likely to render much better fit upon the country. The local bodies, finance and powers bill is reported, and the select committee will consider the amendments on the committee stage of the measure. The House met at 2.30 p.m. and the debate was resumed on the second reading of the bill, and after discussion the motion was agreed to on the voices. Mr Sutton moved the adjournment of the debate, which was carried, and the House rose at half past twelve.

In order to retain office, Ministers have consented to abandon their tariff proposals, and take the back bone out of their much vaunted local government measure. This may be a very natural, though it is not a dignified course to pursue; but it is likely to render much better fit upon the country. The local bodies, finance and powers bill is reported, and the select committee will consider the amendments on the committee stage of the measure. The House met at 2.30 p.m. and the debate was resumed on the second reading of the bill, and after discussion the motion was agreed to on the voices. Mr Sutton moved the adjournment of the debate, which was carried, and the House rose at half past twelve.

(Left Sitting.)

In order to retain office, Ministers have consented to abandon their tariff proposals, and take the back bone out of their much vaunted local government measure. This may be a very natural, though it is not a dignified course to pursue; but it is likely to render much better fit upon the country. The local bodies, finance and powers bill is reported, and the select committee will consider the amendments on the committee stage of the measure. The House met at 2.30 p.m. and the debate was resumed on the second reading of the bill, and after discussion the motion was agreed to on the voices. Mr Sutton moved the adjournment of the debate, which was carried, and the House rose at half past twelve.

In order to retain office, Ministers have consented to abandon their tariff proposals, and take the back bone out of their much vaunted local government measure. This may be a very natural, though it is not a dignified course to pursue; but it is likely to render much better fit upon the country. The local bodies, finance and powers bill is reported, and the select committee will consider the amendments on the committee stage of the measure. The House met at 2.30 p.m. and the debate was resumed on the second reading of the bill, and after discussion the motion was agreed to on the voices. Mr Sutton moved the adjournment of the debate, which was carried, and the House rose at half past twelve.
